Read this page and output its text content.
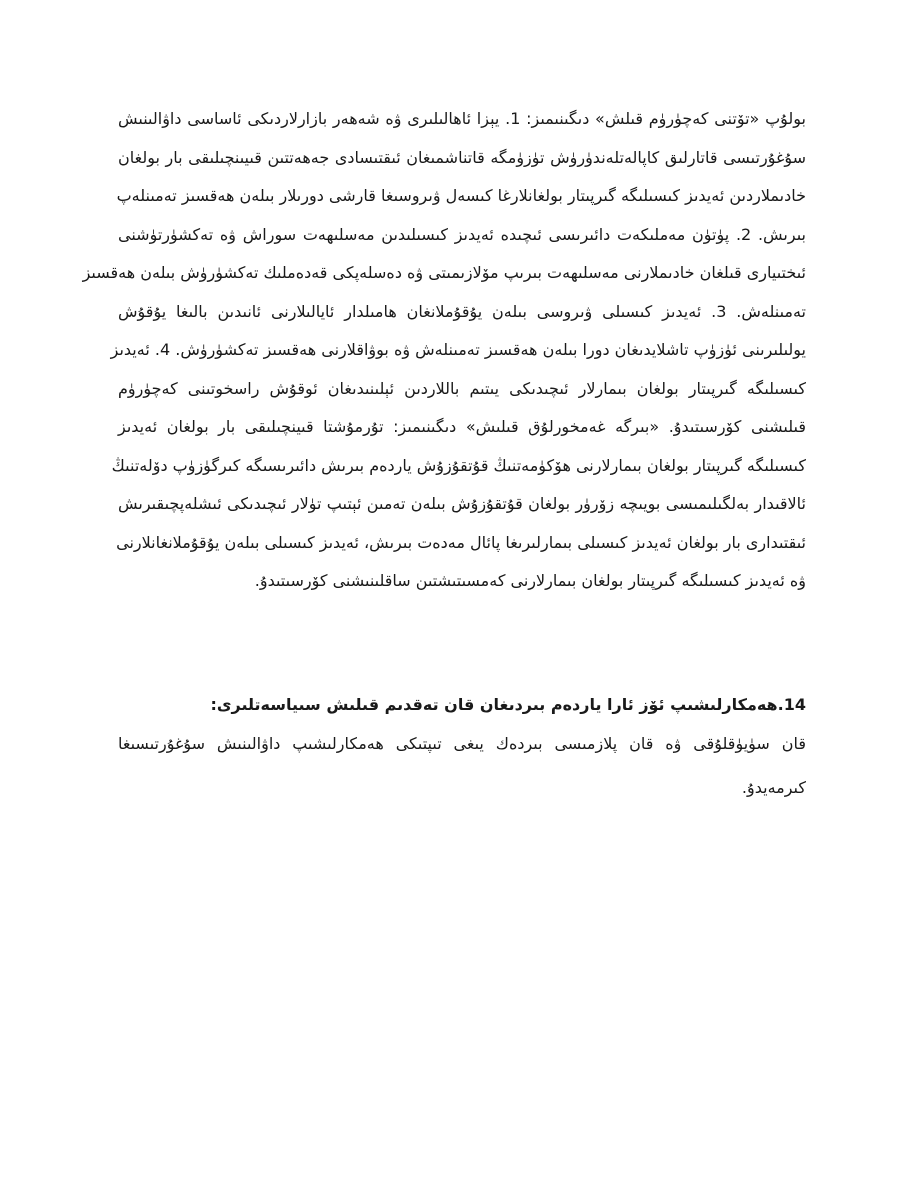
بولۇپ «تۆتنى كەچۈرۈم قىلش» دىگىنىمىز: 1. يېزا ئاھالىلىرى ۋە شەھەر بازارلاردىكى ئاساسى داۋالىنىش
سۇغۇرتىسى قاتارلىق كاپالەتلەندۈرۈش تۈزۈمگە قاتناشمىغان ئىقتىسادى جەھەتتىن قىيىنچىلىقى بار بولغان
خادىملاردىن ئەيدىز كىسىلىگە گىرپىتار بولغانلارغا كىسەل ۋىروسىغا قارشى دورىلار بىلەن ھەقسىز تەمىنلەپ
بىرىش. 2. پۈتۈن مەملىكەت دائىرىسى ئىچىدە ئەيدىز كىسىلىدىن مەسلىھەت سوراش ۋە تەكشۈرتۈشنى
ئىختىيارى قىلغان خادىملارنى مەسلىھەت بىرىپ مۆلازىمىتى ۋە دەسلەپكى قەدەملىك تەكشۈرۈش بىلەن ھەقسىز
تەمىنلەش. 3. ئەيدىز كىسىلى ۋىروسى بىلەن يۇقۇملانغان ھامىلدار ئايالىلارنى ئانىدىن بالىغا يۇقۇش
يولىلىرىنى ئۈزۈپ تاشلايدىغان دورا بىلەن ھەقسىز تەمىنلەش ۋە بوۋاقلارنى ھەقسىز تەكشۈرۈش. 4. ئەيدىز
كىسىلىگە گىرپىتار بولغان بىمارلار ئىچىدىكى يىتىم باللاردىن ئېلىنىدىغان ئوقۇش راسخوتىنى كەچۈرۈم
قىلىشنى كۆرسىتىدۇ. «بىرگە غەمخورلۇق قىلىش» دىگىنىمىز: تۇرمۇشتا قىينچىلىقى بار بولغان ئەيدىز
كىسىلىگە گىرپىتار بولغان بىمارلارنى ھۆكۈمەتنىڭ قۇتقۇزۇش ياردەم بىرىش دائىرىسىگە كىرگۈزۈپ دۆلەتنىڭ
ئالاقىدار بەلگىلىمىسى بويىچە زۆرۈر بولغان قۇتقۇزۇش بىلەن تەمىن ئېتىپ تۈلار ئىچىدىكى ئىشلەپچىقىرىش
ئىقتىدارى بار بولغان ئەيدىز كىسىلى بىمارلىرىغا پائال مەدەت بىرىش، ئەيدىز كىسىلى بىلەن يۇقۇملانغانلارنى
ۋە ئەيدىز كىسىلىگە گىرپىتار بولغان بىمارلارنى كەمسىتىشتىن ساقلىنىشنى كۆرسىتىدۇ.
14.ھەمكارلىشىپ ئۆز ئارا ياردەم بىردىغان قان تەقدىم قىلىش سىياسەتلىرى:
قان سۈيۈقلۇقى ۋە قان پلازمىسى بىردەك يىغى تىپتىكى ھەمكارلىشىپ داۋالىنىش سۇغۇرتىسىغا
كىرمەيدۇ.
